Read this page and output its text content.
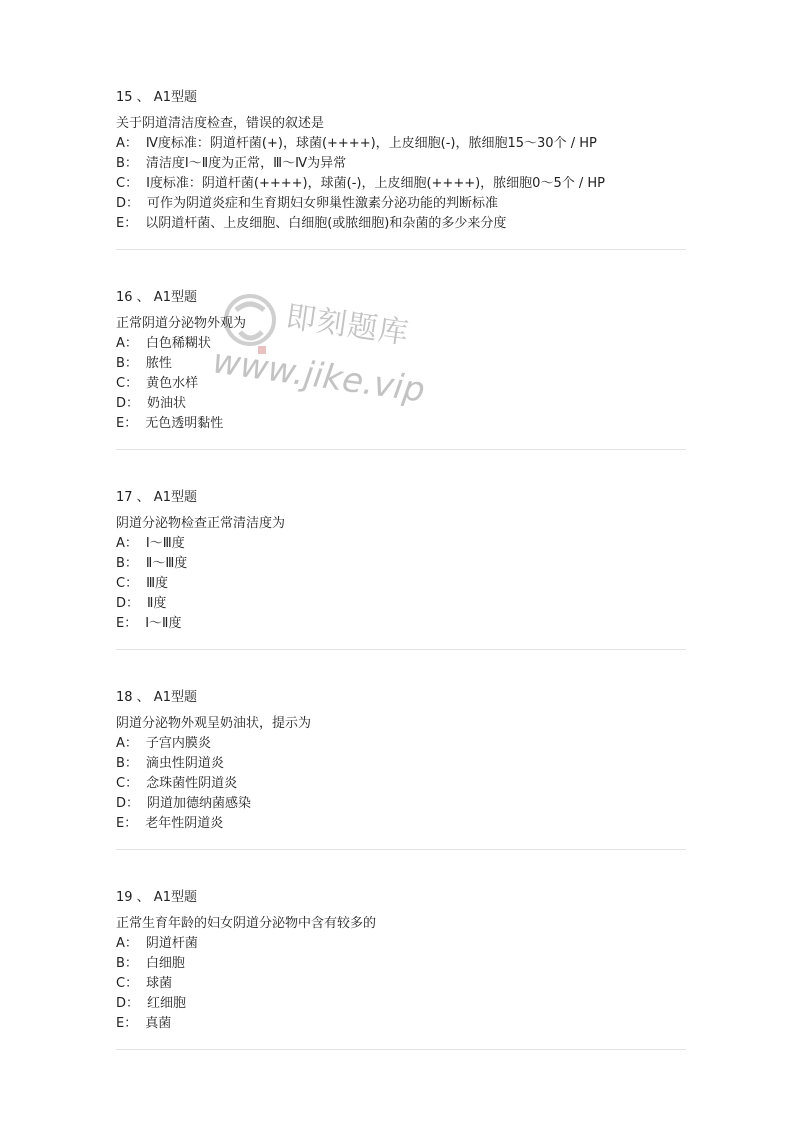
15 、 A1型题
关于阴道清洁度检查，错误的叙述是
A： Ⅳ度标准：阴道杆菌(+)，球菌(++++)，上皮细胞(-)，脓细胞15～30个 / HP
B： 清洁度Ⅰ～Ⅱ度为正常，Ⅲ～Ⅳ为异常
C： Ⅰ度标准：阴道杆菌(++++)，球菌(-)，上皮细胞(++++)，脓细胞0～5个 / HP
D： 可作为阴道炎症和生育期妇女卵巢性激素分泌功能的判断标准
E： 以阴道杆菌、上皮细胞、白细胞(或脓细胞)和杂菌的多少来分度
16 、 A1型题
正常阴道分泌物外观为
A： 白色稀糊状
B： 脓性
C： 黄色水样
D： 奶油状
E： 无色透明黏性
17 、 A1型题
阴道分泌物检查正常清洁度为
A： Ⅰ～Ⅲ度
B： Ⅱ～Ⅲ度
C： Ⅲ度
D： Ⅱ度
E： Ⅰ～Ⅱ度
18 、 A1型题
阴道分泌物外观呈奶油状，提示为
A： 子宫内膜炎
B： 滴虫性阴道炎
C： 念珠菌性阴道炎
D： 阴道加德纳菌感染
E： 老年性阴道炎
19 、 A1型题
正常生育年龄的妇女阴道分泌物中含有较多的
A： 阴道杆菌
B： 白细胞
C： 球菌
D： 红细胞
E： 真菌
即刻题库
www.jike.vip
